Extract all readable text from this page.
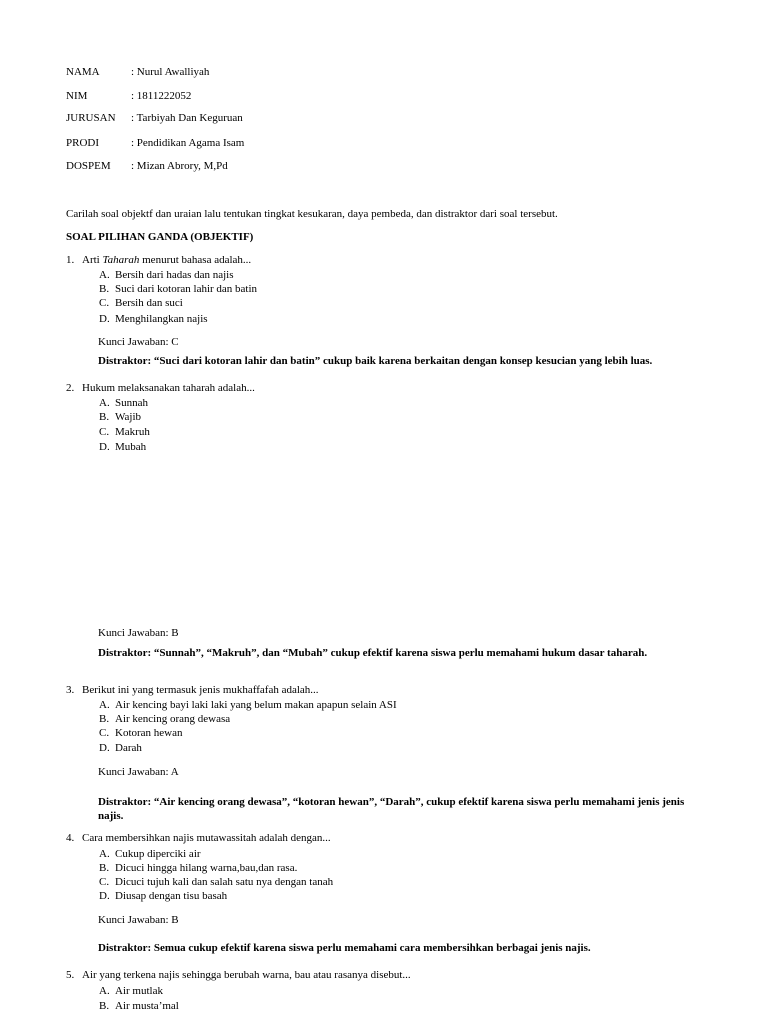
NAMA	: Nurul Awalliyah
NIM	: 1811222052
JURUSAN : Tarbiyah Dan Keguruan
PRODI	: Pendidikan Agama Isam
DOSPEM : Mizan Abrory, M,Pd
Carilah soal objektf dan uraian lalu tentukan tingkat kesukaran, daya pembeda, dan distraktor dari soal tersebut.
SOAL PILIHAN GANDA (OBJEKTIF)
1. Arti Taharah menurut bahasa adalah...
A. Bersih dari hadas dan najis
B. Suci dari kotoran lahir dan batin
C. Bersih dan suci
D. Menghilangkan najis
Kunci Jawaban: C
Distraktor: “Suci dari kotoran lahir dan batin” cukup baik karena berkaitan dengan konsep kesucian yang lebih luas.
2. Hukum melaksanakan taharah adalah...
A. Sunnah
B. Wajib
C. Makruh
D. Mubah
Kunci Jawaban: B
Distraktor: “Sunnah”, “Makruh”, dan “Mubah” cukup efektif karena siswa perlu memahami hukum dasar taharah.
3. Berikut ini yang termasuk jenis mukhaffafah adalah...
A. Air kencing bayi laki laki yang belum makan apapun selain ASI
B. Air kencing orang dewasa
C. Kotoran hewan
D. Darah
Kunci Jawaban: A
Distraktor: “Air kencing orang dewasa”, “kotoran hewan”, “Darah”, cukup efektif karena siswa perlu memahami jenis jenis najis.
4. Cara membersihkan najis mutawassitah adalah dengan...
A. Cukup diperciki air
B. Dicuci hingga hilang warna,bau,dan rasa.
C. Dicuci tujuh kali dan salah satu nya dengan tanah
D. Diusap dengan tisu basah
Kunci Jawaban: B
Distraktor: Semua cukup efektif karena siswa perlu memahami cara membersihkan berbagai jenis najis.
5. Air yang terkena najis sehingga berubah warna, bau atau rasanya disebut...
A. Air mutlak
B. Air musta’mal
